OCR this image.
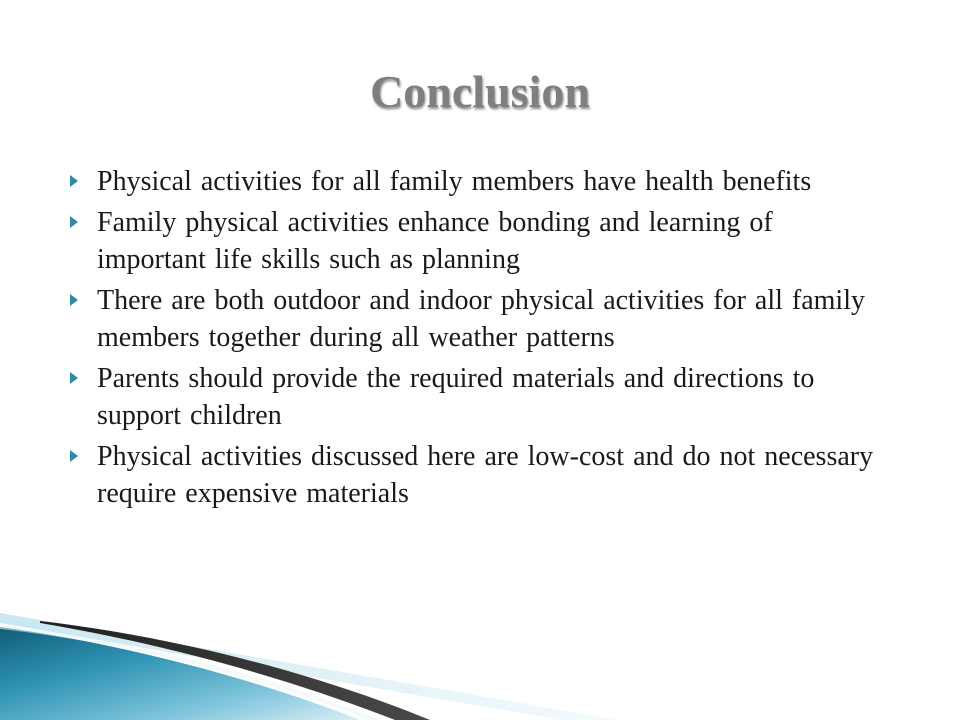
Conclusion
Physical activities for all family members have health benefits
Family physical activities enhance bonding and learning of important life skills such as planning
There are both outdoor and indoor physical activities for all family members together during all weather patterns
Parents should provide the required materials and directions to support children
Physical activities discussed here are low-cost and do not necessary require expensive materials
